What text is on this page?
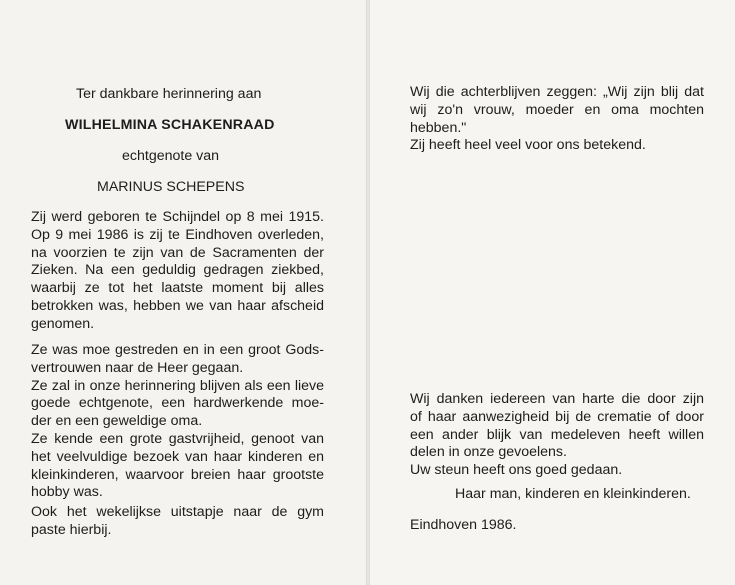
Ter dankbare herinnering aan

WILHELMINA SCHAKENRAAD

echtgenote van

MARINUS SCHEPENS

Zij werd geboren te Schijndel op 8 mei 1915.
Op 9 mei 1986 is zij te Eindhoven overleden,
na voorzien te zijn van de Sacramenten der
Zieken. Na een geduldig gedragen ziekbed,
waarbij ze tot het laatste moment bij alles
betrokken was, hebben we van haar afscheid
genomen.
Ze was moe gestreden en in een groot Gods-
vertrouwen naar de Heer gegaan.
Ze zal in onze herinnering blijven als een lieve
goede echtgenote, een hardwerkende moe-
der en een geweldige oma.
Ze kende een grote gastvrijheid, genoot van
het veelvuldige bezoek van haar kinderen en
kleinkinderen, waarvoor breien haar grootste
hobby was.
Ook het wekelijkse uitstapje naar de gym
paste hierbij.
Wij die achterblijven zeggen: „Wij zijn blij dat
wij zo'n vrouw, moeder en oma mochten
hebben."
Zij heeft heel veel voor ons betekend.
Wij danken iedereen van harte die door zijn
of haar aanwezigheid bij de crematie of door
een ander blijk van medeleven heeft willen
delen in onze gevoelens.
Uw steun heeft ons goed gedaan.

Haar man, kinderen en kleinkinderen.

Eindhoven 1986.
